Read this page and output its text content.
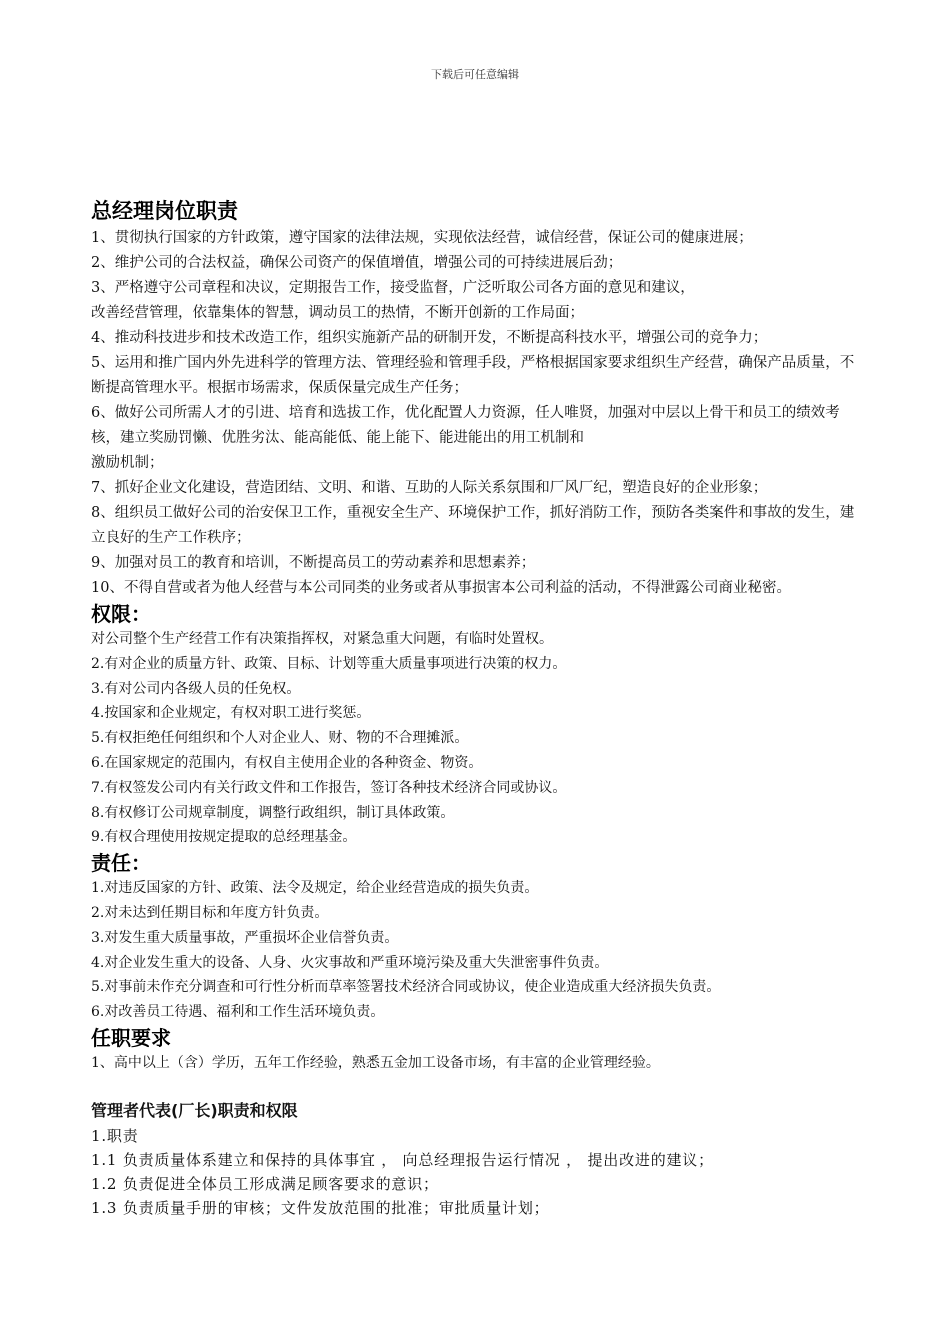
下载后可任意编辑
总经理岗位职责

1、贯彻执行国家的方针政策，遵守国家的法律法规，实现依法经营，诚信经营，保证公司的健康进展；

2、维护公司的合法权益，确保公司资产的保值增值，增强公司的可持续进展后劲；

3、严格遵守公司章程和决议，定期报告工作，接受监督，广泛听取公司各方面的意见和建议，

改善经营管理，依靠集体的智慧，调动员工的热情，不断开创新的工作局面；

4、推动科技进步和技术改造工作，组织实施新产品的研制开发，不断提高科技水平，增强公司的竞争力；

5、运用和推广国内外先进科学的管理方法、管理经验和管理手段，严格根据国家要求组织生产经营，确保产品质量，不断提高管理水平。根据市场需求，保质保量完成生产任务；

6、做好公司所需人才的引进、培育和选拔工作，优化配置人力资源，任人唯贤，加强对中层以上骨干和员工的绩效考核，建立奖励罚懒、优胜劣汰、能高能低、能上能下、能进能出的用工机制和

激励机制；

7、抓好企业文化建设，营造团结、文明、和谐、互助的人际关系氛围和厂风厂纪，塑造良好的企业形象；

8、组织员工做好公司的治安保卫工作，重视安全生产、环境保护工作，抓好消防工作，预防各类案件和事故的发生，建立良好的生产工作秩序；

9、加强对员工的教育和培训，不断提高员工的劳动素养和思想素养；

10、不得自营或者为他人经营与本公司同类的业务或者从事损害本公司利益的活动，不得泄露公司商业秘密。

权限：

对公司整个生产经营工作有决策指挥权，对紧急重大问题，有临时处置权。

2.有对企业的质量方针、政策、目标、计划等重大质量事项进行决策的权力。

3.有对公司内各级人员的任免权。

4.按国家和企业规定，有权对职工进行奖惩。

5.有权拒绝任何组织和个人对企业人、财、物的不合理摊派。

6.在国家规定的范围内，有权自主使用企业的各种资金、物资。

7.有权签发公司内有关行政文件和工作报告，签订各种技术经济合同或协议。

8.有权修订公司规章制度，调整行政组织，制订具体政策。

9.有权合理使用按规定提取的总经理基金。

责任：

1.对违反国家的方针、政策、法令及规定，给企业经营造成的损失负责。

2.对未达到任期目标和年度方针负责。

3.对发生重大质量事故，严重损坏企业信誉负责。

4.对企业发生重大的设备、人身、火灾事故和严重环境污染及重大失泄密事件负责。

5.对事前未作充分调查和可行性分析而草率签署技术经济合同或协议，使企业造成重大经济损失负责。

6.对改善员工待遇、福利和工作生活环境负责。

任职要求

1、高中以上（含）学历，五年工作经验，熟悉五金加工设备市场，有丰富的企业管理经验。

管理者代表(厂长)职责和权限

1.职责

1.1 负责质量体系建立和保持的具体事宜 ， 向总经理报告运行情况 ， 提出改进的建议；

1.2 负责促进全体员工形成满足顾客要求的意识；

1.3 负责质量手册的审核；文件发放范围的批准；审批质量计划；
